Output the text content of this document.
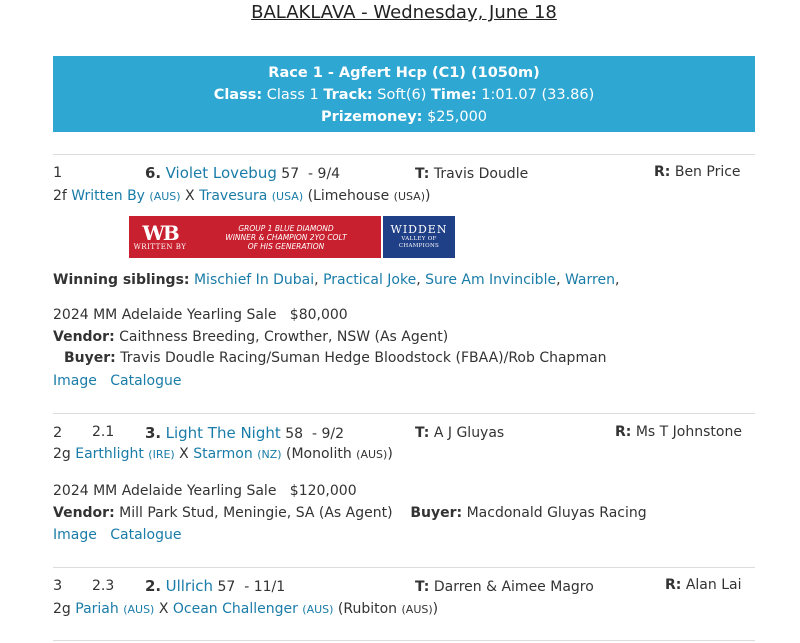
BALAKLAVA - Wednesday, June 18
Race 1 - Agfert Hcp (C1) (1050m)
Class: Class 1 Track: Soft(6) Time: 1:01.07 (33.86)
Prizemoney: $25,000
1	6. Violet Lovebug 57 - 9/4	T: Travis Doudle	R: Ben Price
2f Written By (AUS) X Travesura (USA) (Limehouse (USA))
WB
WRITTEN BY
GROUP 1 BLUE DIAMOND
WINNER & CHAMPION 2YO COLT
OF HIS GENERATION
WIDDEN
VALLEY OF CHAMPIONS
Winning siblings: Mischief In Dubai, Practical Joke, Sure Am Invincible, Warren,
2024 MM Adelaide Yearling Sale $80,000
Vendor: Caithness Breeding, Crowther, NSW (As Agent)
Buyer: Travis Doudle Racing/Suman Hedge Bloodstock (FBAA)/Rob Chapman
Image Catalogue
2 2.1 3. Light The Night 58 - 9/2	T: A J Gluyas	R: Ms T Johnstone
2g Earthlight (IRE) X Starmon (NZ) (Monolith (AUS))
2024 MM Adelaide Yearling Sale $120,000
Vendor: Mill Park Stud, Meningie, SA (As Agent) Buyer: Macdonald Gluyas Racing
Image Catalogue
3 2.3 2. Ullrich 57 - 11/1	T: Darren & Aimee Magro	R: Alan Lai
2g Pariah (AUS) X Ocean Challenger (AUS) (Rubiton (AUS))
